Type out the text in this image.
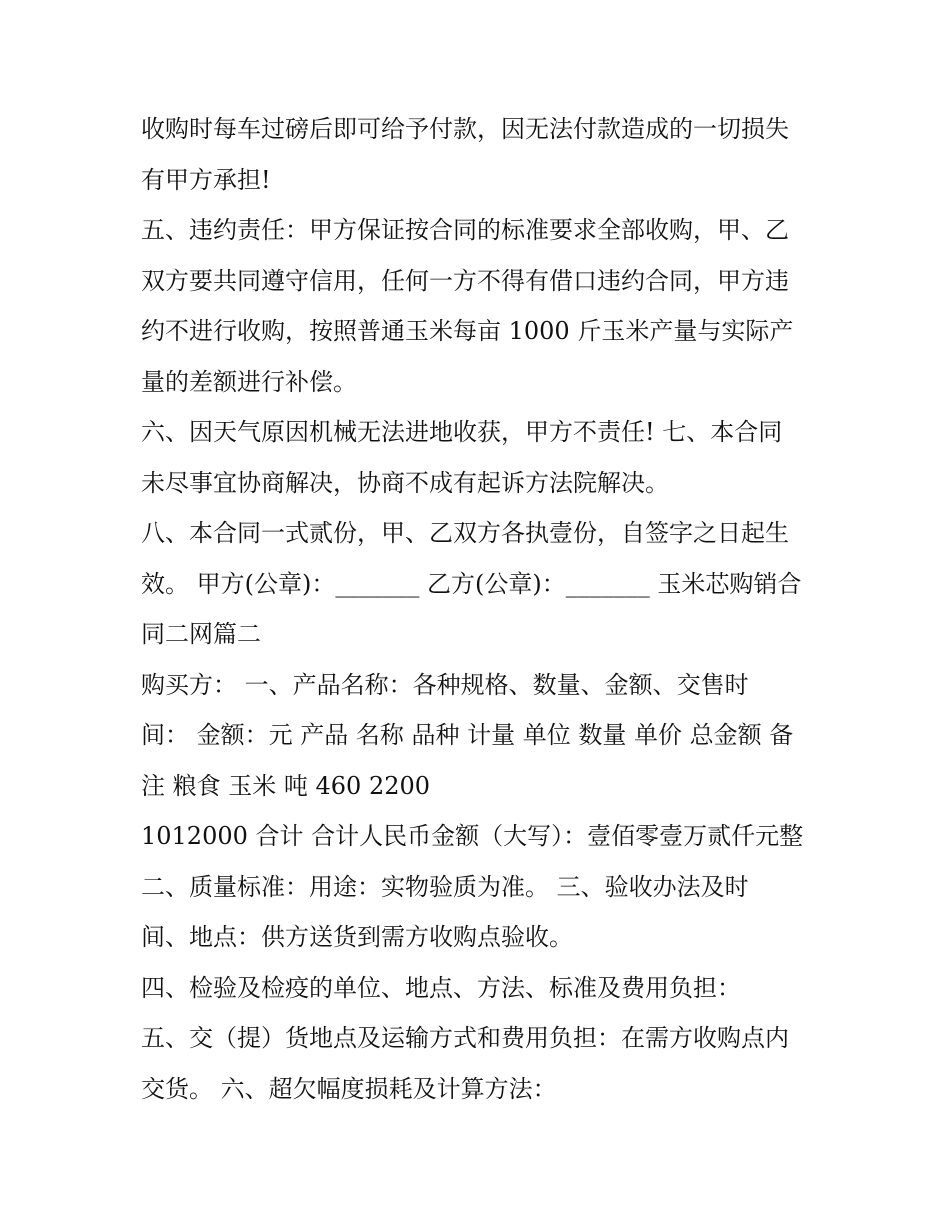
收购时每车过磅后即可给予付款，因无法付款造成的一切损失
有甲方承担!
五、违约责任：甲方保证按合同的标准要求全部收购，甲、乙
双方要共同遵守信用，任何一方不得有借口违约合同，甲方违
约不进行收购，按照普通玉米每亩 1000 斤玉米产量与实际产
量的差额进行补偿。
六、因天气原因机械无法进地收获，甲方不责任! 七、本合同
未尽事宜协商解决，协商不成有起诉方法院解决。
八、本合同一式贰份，甲、乙双方各执壹份，自签字之日起生
效。 甲方(公章)：_______ 乙方(公章)：_______ 玉米芯购销合
同二网篇二
购买方： 一、产品名称：各种规格、数量、金额、交售时
间： 金额：元 产品 名称 品种 计量 单位 数量 单价 总金额 备
注 粮食 玉米 吨 460 2200
1012000 合计 合计人民币金额（大写）：壹佰零壹万贰仟元整
二、质量标准：用途：实物验质为准。 三、验收办法及时
间、地点：供方送货到需方收购点验收。
四、检验及检疫的单位、地点、方法、标准及费用负担：
五、交（提）货地点及运输方式和费用负担：在需方收购点内
交货。 六、超欠幅度损耗及计算方法：
